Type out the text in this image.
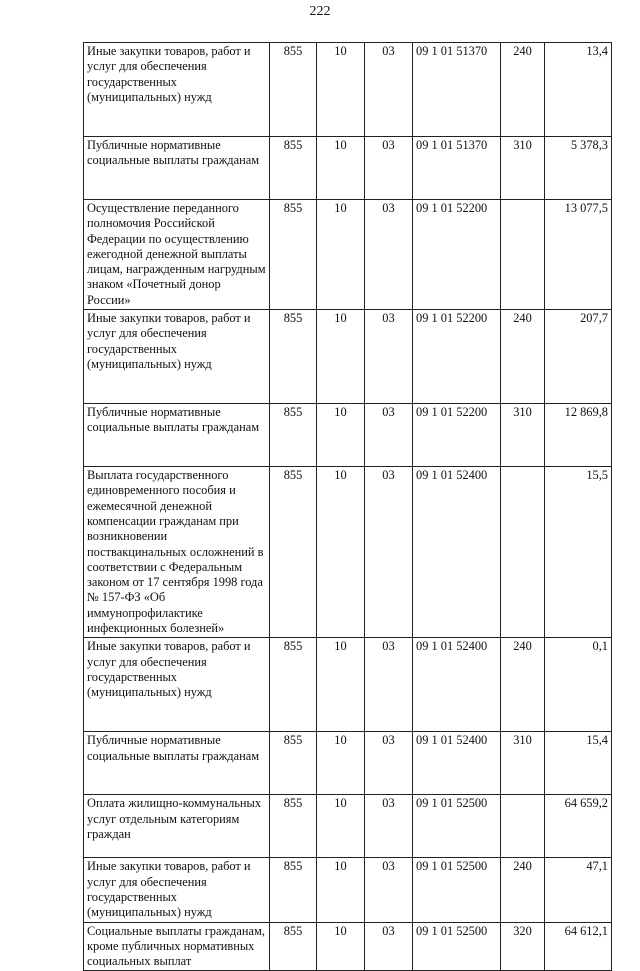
222
Иные закупки товаров, работ и услуг для обеспечения государственных (муниципальных) нужд	855	10	03	09 1 01 51370	240	13,4
Публичные нормативные социальные выплаты гражданам	855	10	03	09 1 01 51370	310	5 378,3
Осуществление переданного полномочия Российской Федерации по осуществлению ежегодной денежной выплаты лицам, награжденным нагрудным знаком «Почетный донор России»	855	10	03	09 1 01 52200		13 077,5
Иные закупки товаров, работ и услуг для обеспечения государственных (муниципальных) нужд	855	10	03	09 1 01 52200	240	207,7
Публичные нормативные социальные выплаты гражданам	855	10	03	09 1 01 52200	310	12 869,8
Выплата государственного единовременного пособия и ежемесячной денежной компенсации гражданам при возникновении поствакцинальных осложнений в соответствии с Федеральным законом от 17 сентября 1998 года № 157-ФЗ «Об иммунопрофилактике инфекционных болезней»	855	10	03	09 1 01 52400		15,5
Иные закупки товаров, работ и услуг для обеспечения государственных (муниципальных) нужд	855	10	03	09 1 01 52400	240	0,1
Публичные нормативные социальные выплаты гражданам	855	10	03	09 1 01 52400	310	15,4
Оплата жилищно-коммунальных услуг отдельным категориям граждан	855	10	03	09 1 01 52500		64 659,2
Иные закупки товаров, работ и услуг для обеспечения государственных (муниципальных) нужд	855	10	03	09 1 01 52500	240	47,1
Социальные выплаты гражданам, кроме публичных нормативных социальных выплат	855	10	03	09 1 01 52500	320	64 612,1
